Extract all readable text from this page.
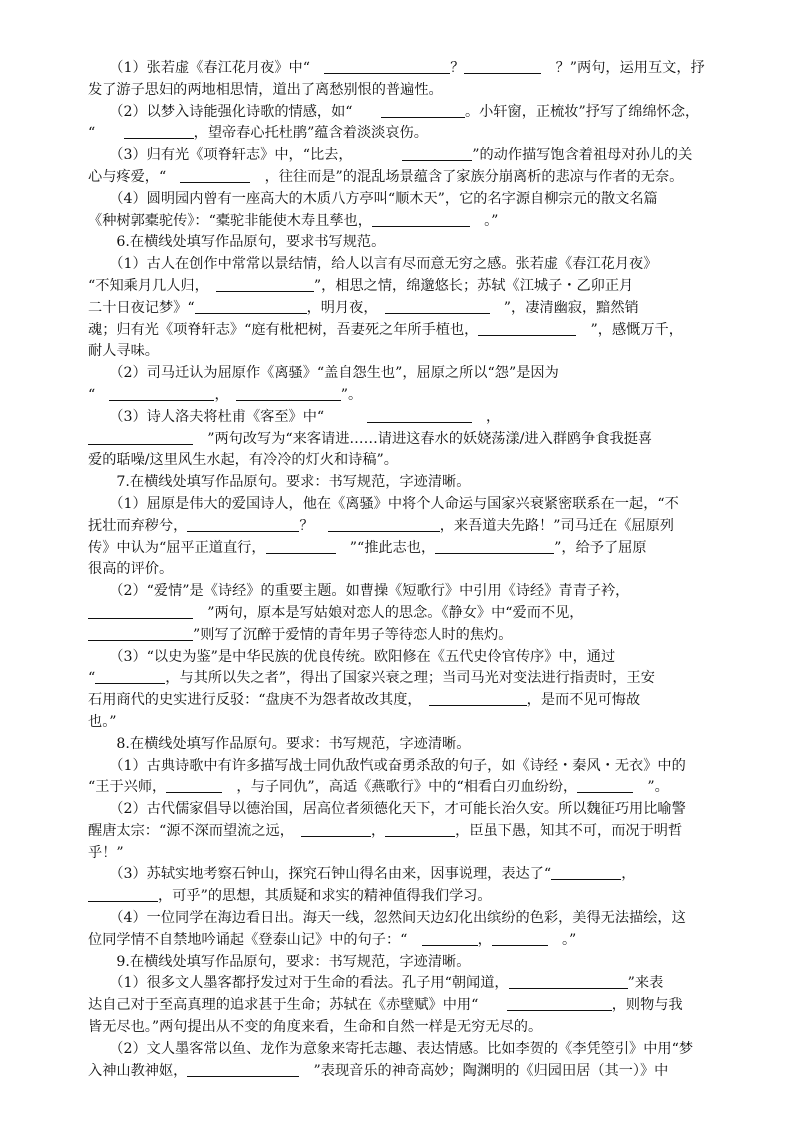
　　（1）张若虚《春江花月夜》中“　	？	　？”两句，运用互文，抒
发了游子思妇的两地相思情，道出了离愁别恨的普遍性。
　　（2）以梦入诗能强化诗歌的情感，如“　　	。小轩窗，正梳妆”抒写了绵绵怀念，
“　　	，望帝春心托杜鹃”蕴含着淡淡哀伤。
　　（3）归有光《项脊轩志》中，“比去，　　　　	”的动作描写饱含着祖母对孙儿的关
心与疼爱，“　	　，往往而是”的混乱场景蕴含了家族分崩离析的悲凉与作者的无奈。
　　（4）圆明园内曾有一座高大的木质八方亭叫“顺木天”，它的名字源自柳宗元的散文名篇
《种树郭橐驼传》：“橐驼非能使木寿且孳也，	　。”
　　6.在横线处填写作品原句，要求书写规范。
　　（1）古人在创作中常常以景结情，给人以言有尽而意无穷之感。张若虚《春江花月夜》
“不知乘月几人归，　	”，相思之情，绵邈悠长；苏轼《江城子・乙卯正月
二十日夜记梦》“	，明月夜，　	　”，凄清幽寂，黯然销
魂；归有光《项脊轩志》“庭有枇杷树，吾妻死之年所手植也，	　”，感慨万千，
耐人寻味。
　　（2）司马迁认为屈原作《离骚》“盖自怨生也”，屈原之所以“怨”是因为
“　	，　	”。
　　（3）诗人洛夫将杜甫《客至》中“　　　	　，
　”两句改写为“来客请进……请进这春水的妖娆荡漾/进入群鸥争食我挺喜
爱的聒噪/这里风生水起，有冷冷的灯火和诗稿”。
　　7.在横线处填写作品原句。要求：书写规范，字迹清晰。
　　（1）屈原是伟大的爱国诗人，他在《离骚》中将个人命运与国家兴衰紧密联系在一起，“不
抚壮而弃秽兮，	？　	，来吾道夫先路！”司马迁在《屈原列
传》中认为“屈平正道直行，	　”“推此志也，	”，给予了屈原
很高的评价。
　　（2）“爱情”是《诗经》的重要主题。如曹操《短歌行》中引用《诗经》青青子衿，
　”两句，原本是写姑娘对恋人的思念。《静女》中“爱而不见，
”则写了沉醉于爱情的青年男子等待恋人时的焦灼。
　　（3）“以史为鉴”是中华民族的优良传统。欧阳修在《五代史伶官传序》中，通过
“	，与其所以失之者”，得出了国家兴衰之理；当司马光对变法进行指责时，王安
石用商代的史实进行反驳：“盘庚不为怨者故改其度，　	，是而不见可悔故
也。”
　　8.在横线处填写作品原句。要求：书写规范，字迹清晰。
　　（1）古典诗歌中有许多描写战士同仇敌忾或奋勇杀敌的句子，如《诗经・秦风・无衣》中的
“王于兴师，	　，与子同仇”，高适《燕歌行》中的“相看白刃血纷纷，	　”。
　　（2）古代儒家倡导以德治国，居高位者须德化天下，才可能长治久安。所以魏征巧用比喻警
醒唐太宗：“源不深而望流之远，　	，	，臣虽下愚，知其不可，而况于明哲
乎！”
　　（3）苏轼实地考察石钟山，探究石钟山得名由来，因事说理，表达了“	，
，可乎”的思想，其质疑和求实的精神值得我们学习。
　　（4）一位同学在海边看日出。海天一线，忽然间天边幻化出缤纷的色彩，美得无法描绘，这
位同学情不自禁地吟诵起《登泰山记》中的句子：“　	，	　。”
　　9.在横线处填写作品原句，要求：书写规范，字迹清晰。
　　（1）很多文人墨客都抒发过对于生命的看法。孔子用“朝闻道，	”来表
达自己对于至高真理的追求甚于生命；苏轼在《赤壁赋》中用“　　	，则物与我
皆无尽也。”两句提出从不变的角度来看，生命和自然一样是无穷无尽的。
　　（2）文人墨客常以鱼、龙作为意象来寄托志趣、表达情感。比如李贺的《李凭箜引》中用“梦
入神山教神妪，	　”表现音乐的神奇高妙；陶渊明的《归园田居（其一）》中
